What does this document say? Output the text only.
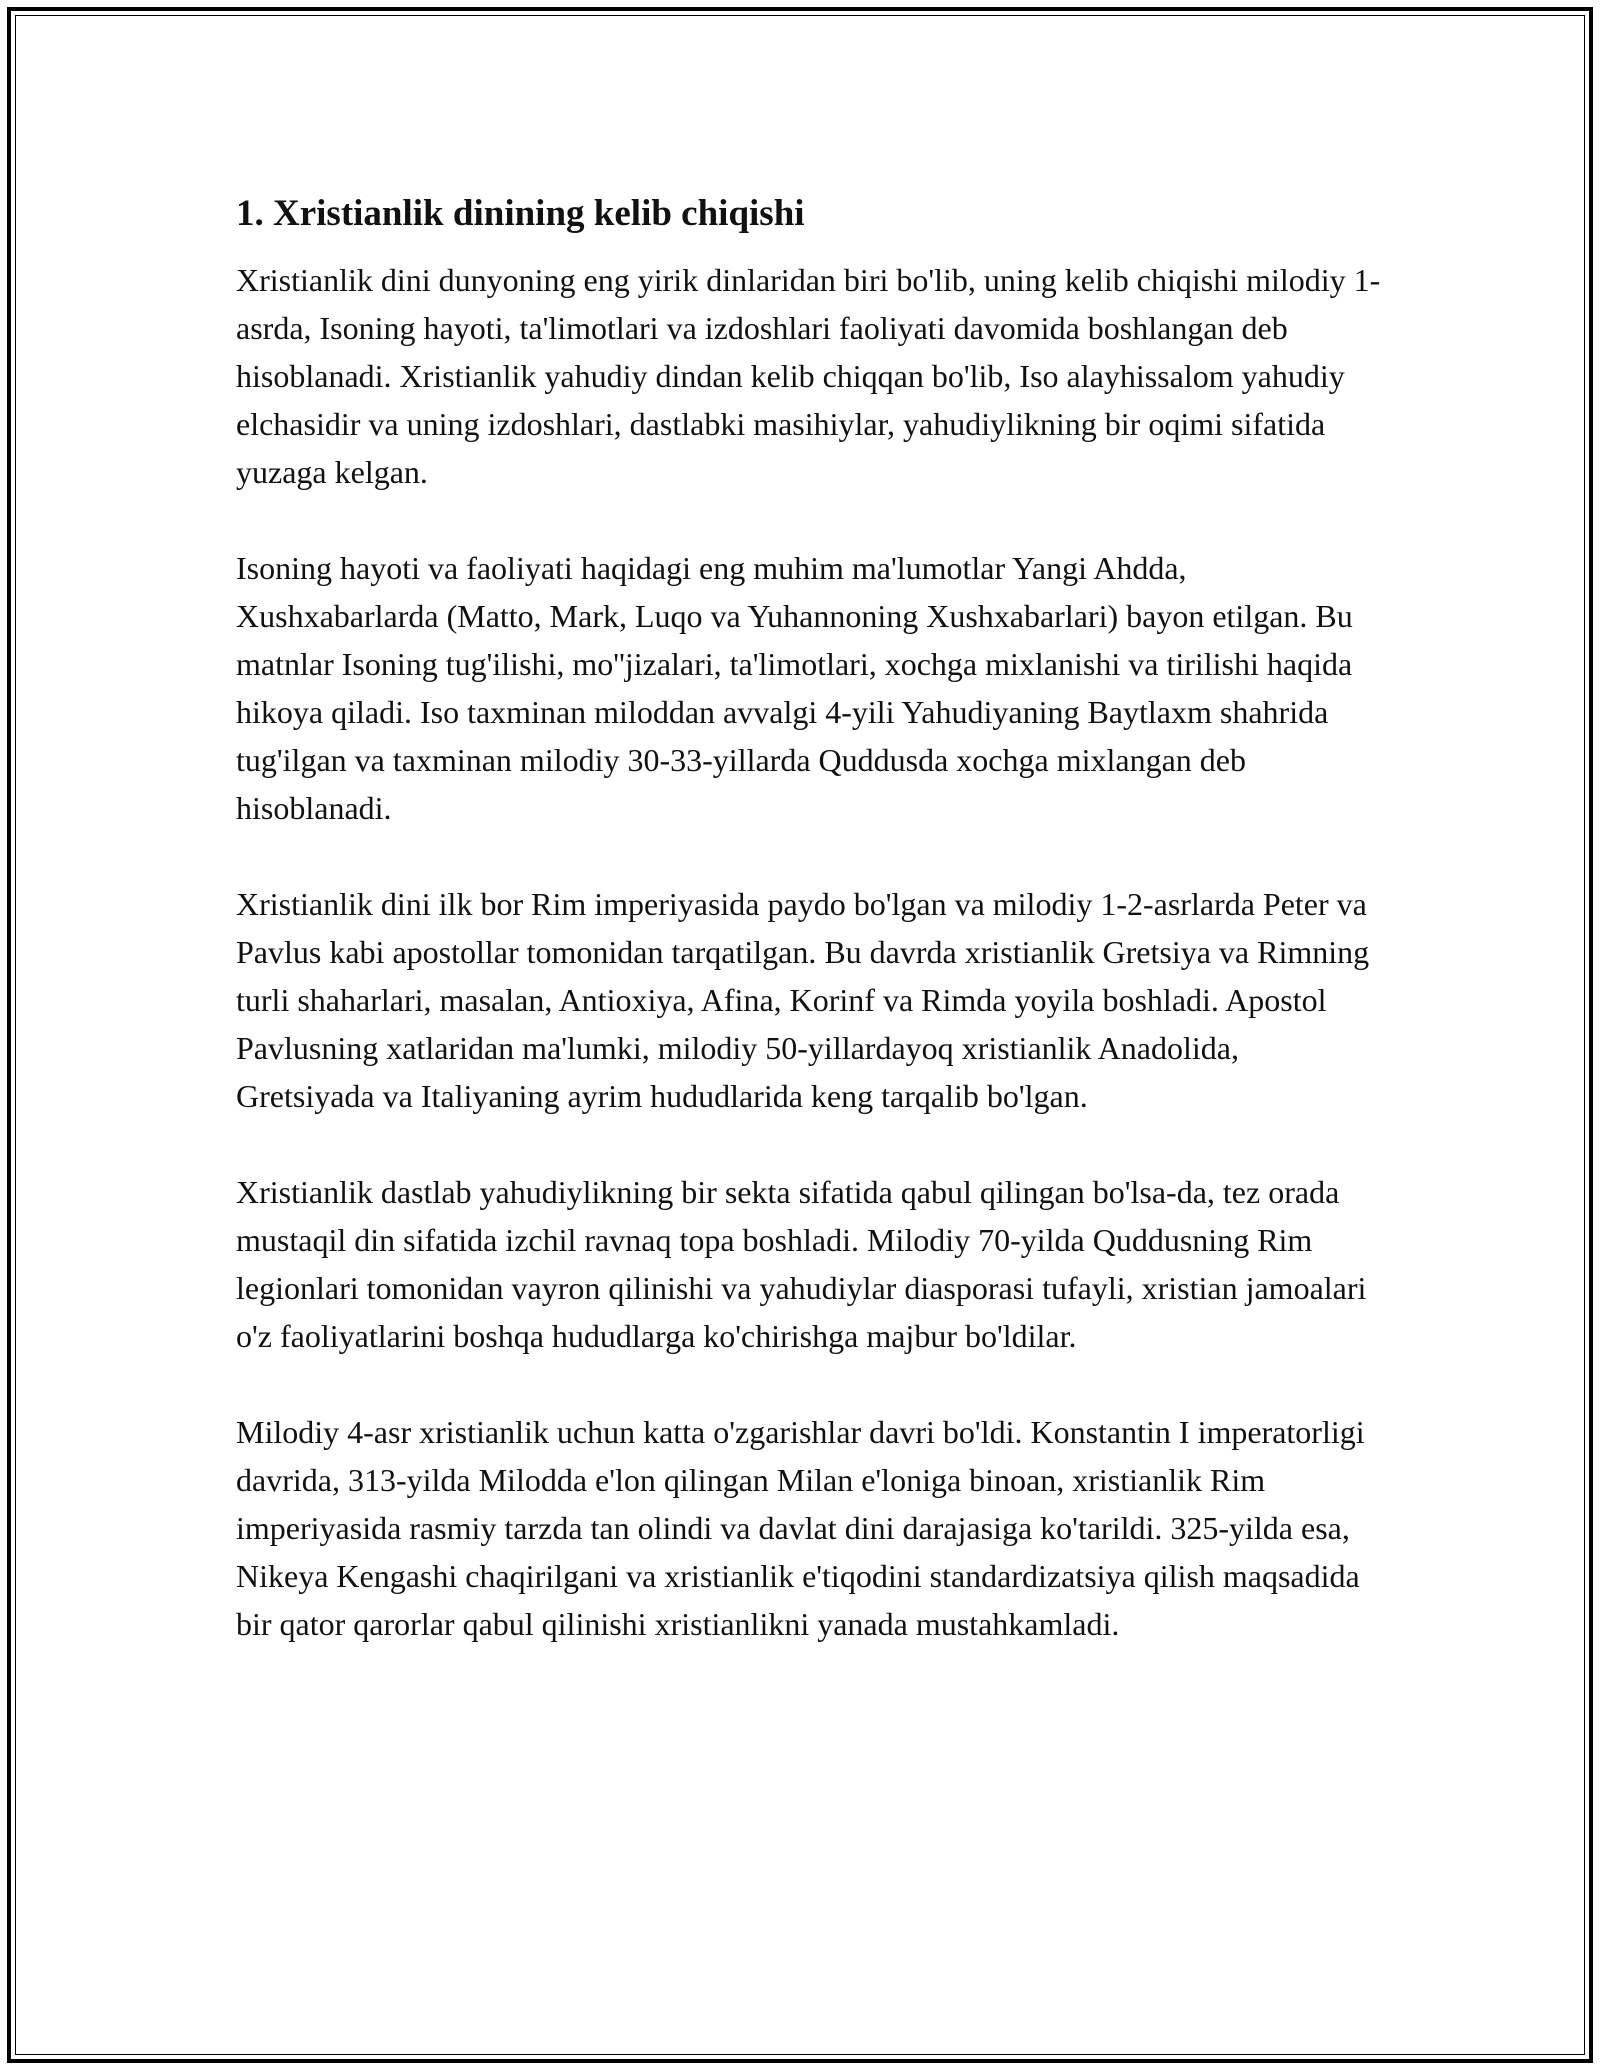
1. Xristianlik dinining kelib chiqishi

Xristianlik dini dunyoning eng yirik dinlaridan biri bo'lib, uning kelib chiqishi milodiy 1-asrda, Isoning hayoti, ta'limotlari va izdoshlari faoliyati davomida boshlangan deb hisoblanadi. Xristianlik yahudiy dindan kelib chiqqan bo'lib, Iso alayhissalom yahudiy elchasidir va uning izdoshlari, dastlabki masihiylar, yahudiylikning bir oqimi sifatida yuzaga kelgan.

Isoning hayoti va faoliyati haqidagi eng muhim ma'lumotlar Yangi Ahdda, Xushxabarlarda (Matto, Mark, Luqo va Yuhannoning Xushxabarlari) bayon etilgan. Bu matnlar Isoning tug'ilishi, mo''jizalari, ta'limotlari, xochga mixlanishi va tirilishi haqida hikoya qiladi. Iso taxminan miloddan avvalgi 4-yili Yahudiyaning Baytlaxm shahrida tug'ilgan va taxminan milodiy 30-33-yillarda Quddusda xochga mixlangan deb hisoblanadi.

Xristianlik dini ilk bor Rim imperiyasida paydo bo'lgan va milodiy 1-2-asrlarda Peter va Pavlus kabi apostollar tomonidan tarqatilgan. Bu davrda xristianlik Gretsiya va Rimning turli shaharlari, masalan, Antioxiya, Afina, Korinf va Rimda yoyila boshladi. Apostol Pavlusning xatlaridan ma'lumki, milodiy 50-yillardayoq xristianlik Anadolida, Gretsiyada va Italiyaning ayrim hududlarida keng tarqalib bo'lgan.

Xristianlik dastlab yahudiylikning bir sekta sifatida qabul qilingan bo'lsa-da, tez orada mustaqil din sifatida izchil ravnaq topa boshladi. Milodiy 70-yilda Quddusning Rim legionlari tomonidan vayron qilinishi va yahudiylar diasporasi tufayli, xristian jamoalari o'z faoliyatlarini boshqa hududlarga ko'chirishga majbur bo'ldilar.

Milodiy 4-asr xristianlik uchun katta o'zgarishlar davri bo'ldi. Konstantin I imperatorligi davrida, 313-yilda Milodda e'lon qilingan Milan e'loniga binoan, xristianlik Rim imperiyasida rasmiy tarzda tan olindi va davlat dini darajasiga ko'tarildi. 325-yilda esa, Nikeya Kengashi chaqirilgani va xristianlik e'tiqodini standardizatsiya qilish maqsadida bir qator qarorlar qabul qilinishi xristianlikni yanada mustahkamladi.
